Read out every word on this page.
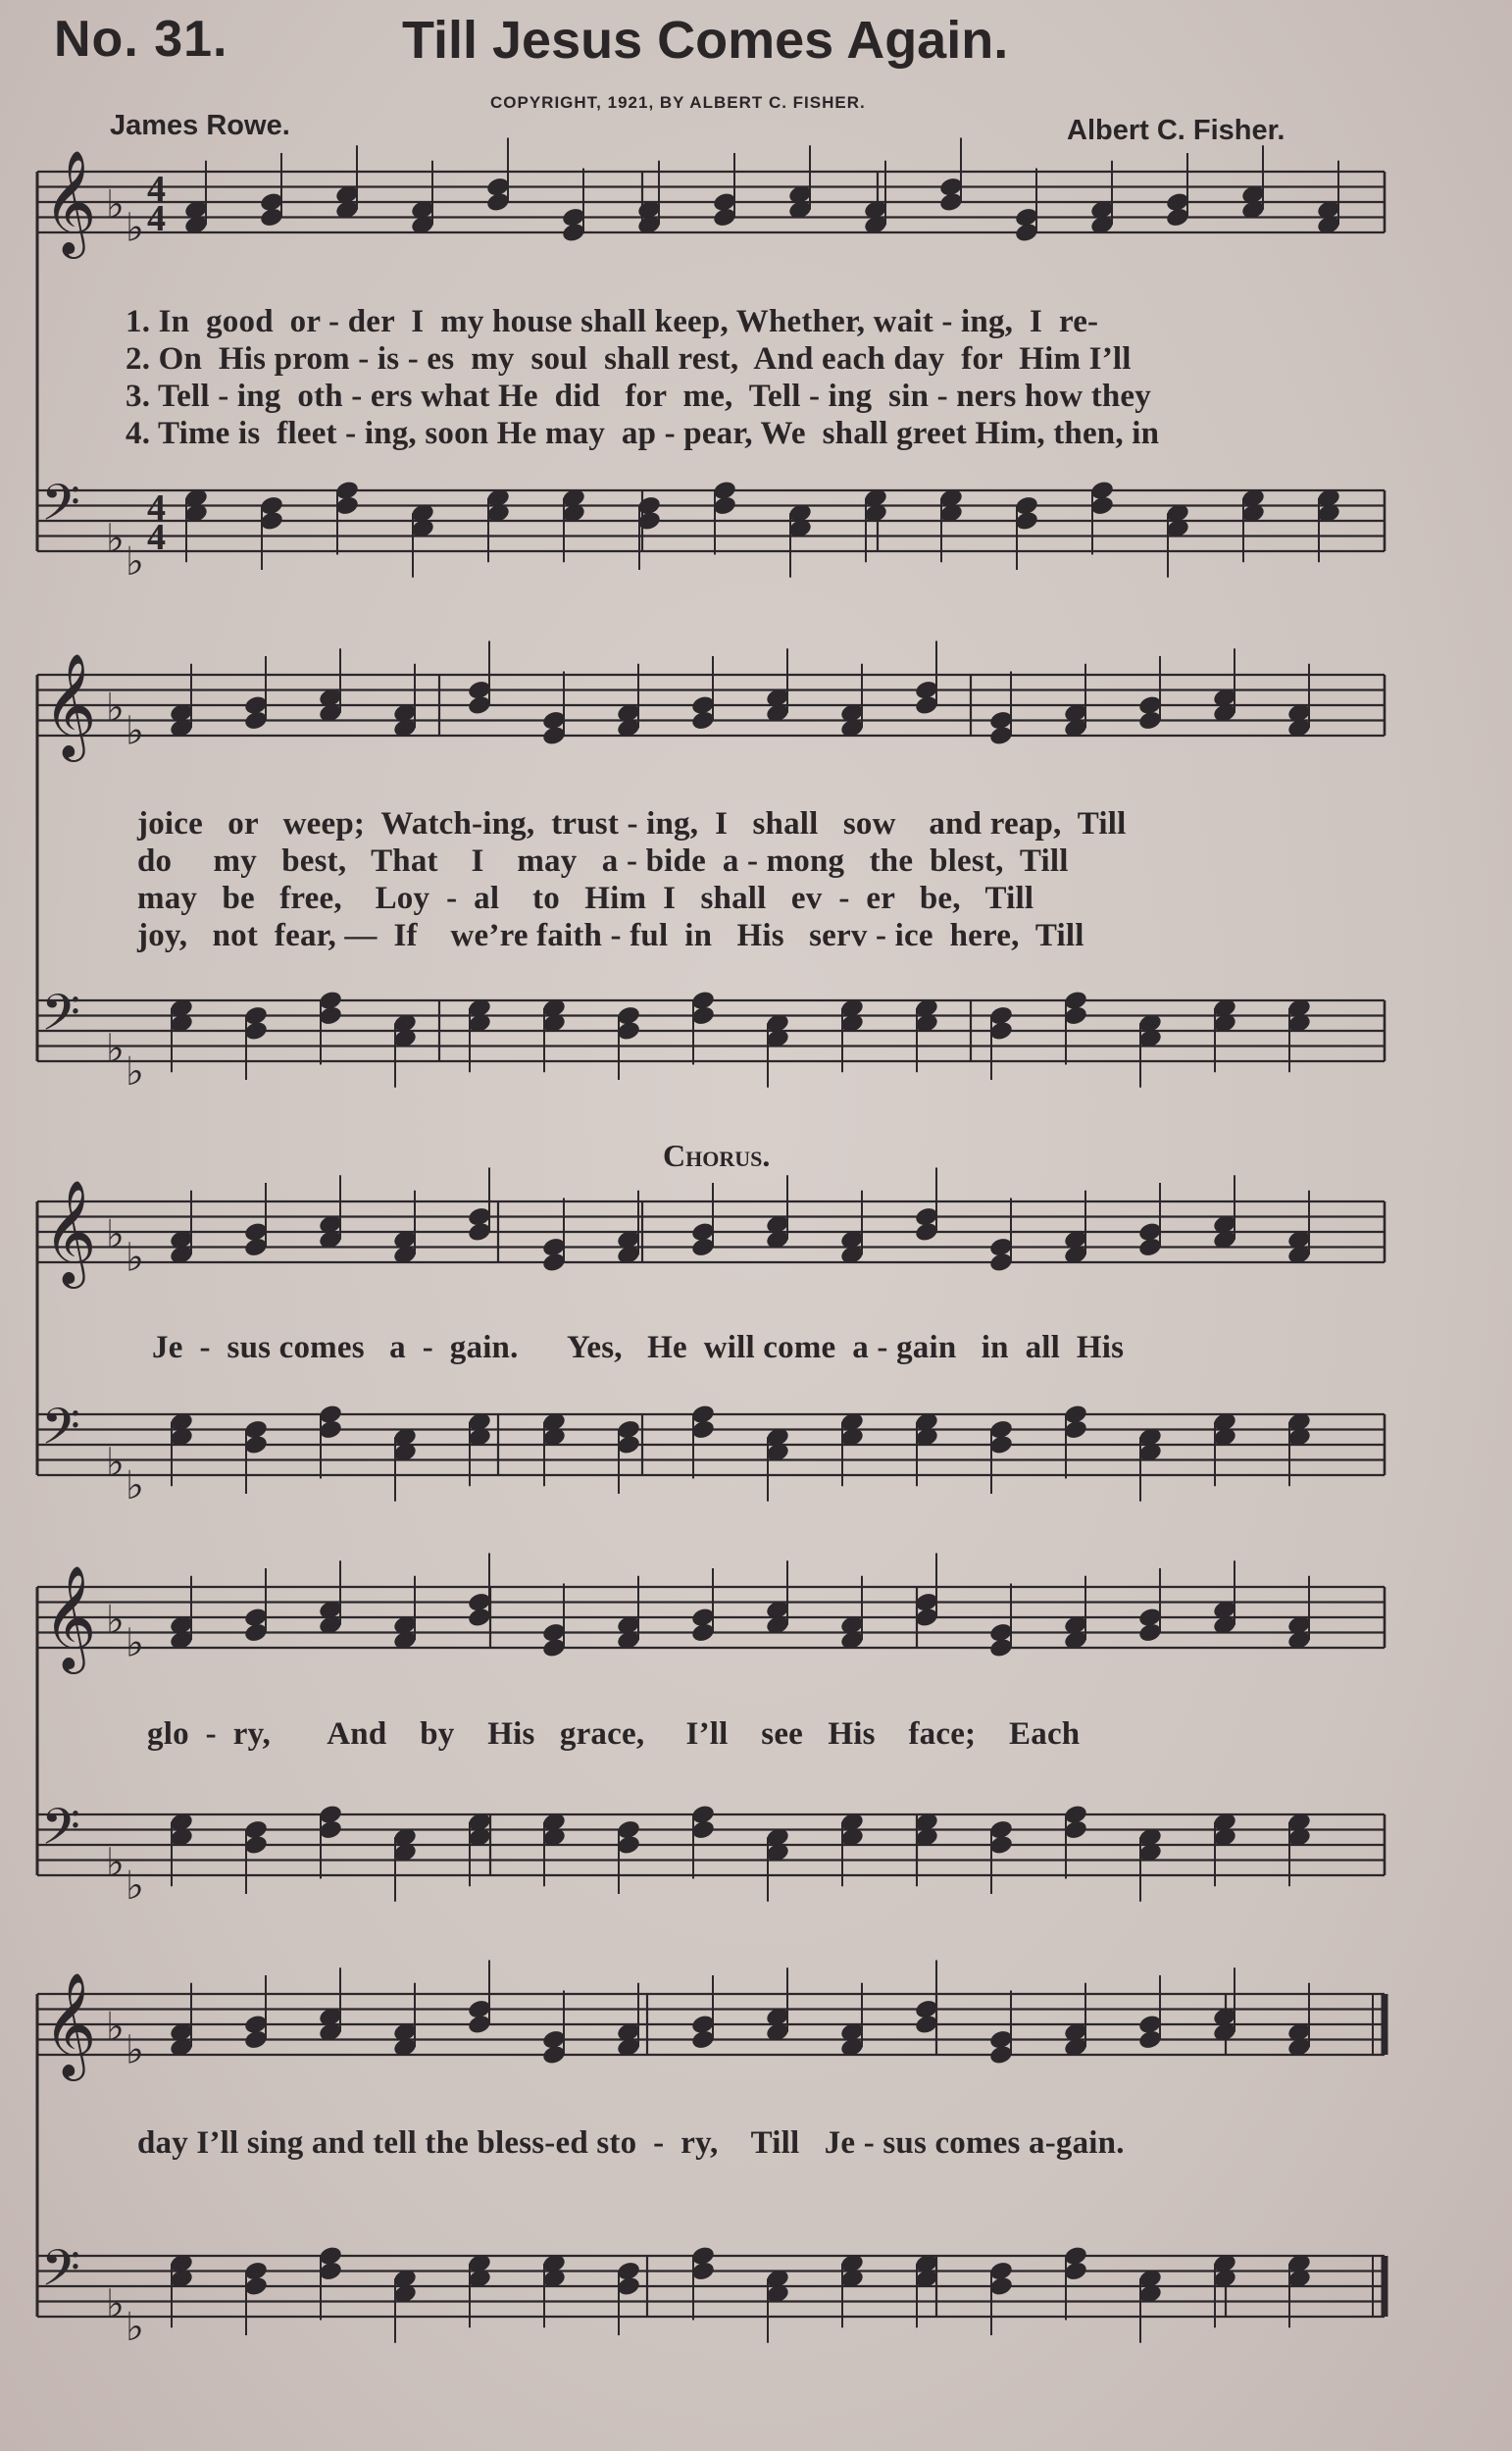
No. 31.	Till Jesus Comes Again.
COPYRIGHT, 1921, BY ALBERT C. FISHER.
James Rowe.	Albert C. Fisher.
𝄞 ♭ ♭
4
4
𝄢 ♭ ♭
4
4
𝄞 ♭ ♭
𝄢 ♭ ♭
𝄞 ♭ ♭
𝄢 ♭ ♭
𝄞 ♭ ♭
𝄢 ♭ ♭
𝄞 ♭ ♭
𝄢 ♭ ♭
1. In  good  or - der  I  my house shall keep, Whether, wait - ing,  I  re-
2. On  His prom - is - es  my  soul  shall rest,  And each day  for  Him I’ll
3. Tell - ing  oth - ers what He  did   for  me,  Tell - ing  sin - ners how they
4. Time is  fleet - ing, soon He may  ap - pear, We  shall greet Him, then, in
joice   or   weep;  Watch-ing,  trust - ing,  I   shall   sow    and reap,  Till
do     my   best,   That    I    may   a - bide  a - mong   the  blest,  Till
may   be   free,    Loy  -  al    to   Him  I   shall   ev  -  er   be,   Till
joy,   not  fear, —  If    we’re faith - ful  in   His   serv - ice  here,  Till
Chorus.
Je  -  sus comes   a  -  gain.      Yes,   He  will come  a - gain   in  all  His
glo  -  ry,       And    by    His   grace,     I’ll    see   His    face;    Each
day I’ll sing and tell the bless-ed sto  -  ry,    Till   Je - sus comes a-gain.
